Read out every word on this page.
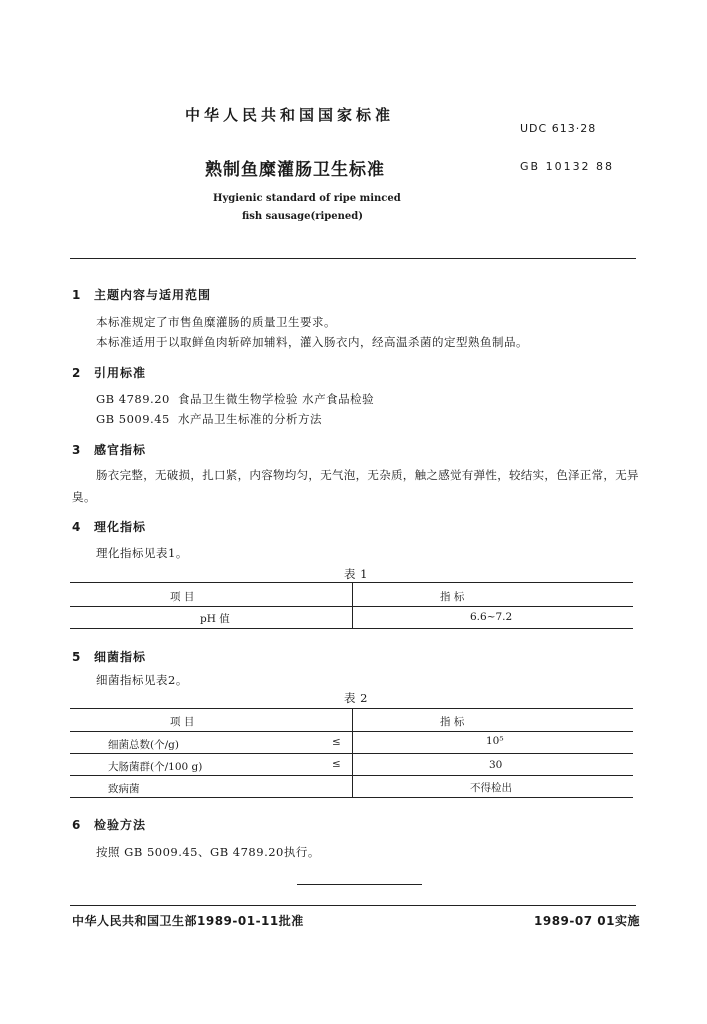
中华人民共和国国家标准
UDC 613·28
熟制鱼糜灌肠卫生标准	GB 10132 88
Hygienic standard of ripe minced
fish sausage(ripened)
1 主题内容与适用范围
本标准规定了市售鱼糜灌肠的质量卫生要求。
本标准适用于以取鲜鱼肉斩碎加辅料，灌入肠衣内，经高温杀菌的定型熟鱼制品。
2 引用标准
GB 4789.20 食品卫生微生物学检验 水产食品检验
GB 5009.45 水产品卫生标准的分析方法
3 感官指标
肠衣完整，无破损，扎口紧，内容物均匀，无气泡，无杂质，触之感觉有弹性，较结实，色泽正常，无异
臭。
4 理化指标
理化指标见表1。
表 1
项 目	指 标
pH 值	6.6~7.2
5 细菌指标
细菌指标见表2。
表 2
项 目	指 标
细菌总数(个/g)	≤	10⁵
大肠菌群(个/100 g)	≤	30
致病菌	不得检出
6 检验方法
按照 GB 5009.45、GB 4789.20执行。
中华人民共和国卫生部1989-01-11批准	1989-07 01实施
